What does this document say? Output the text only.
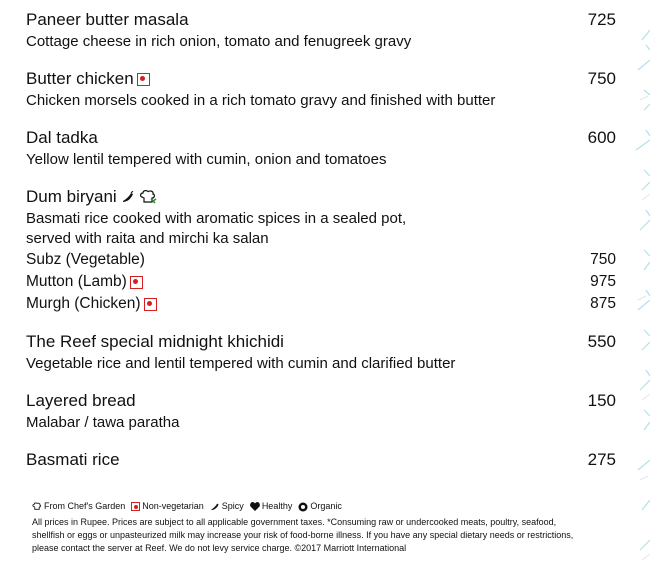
Paneer butter masala	725
Cottage cheese in rich onion, tomato and fenugreek gravy
Butter chicken	750
Chicken morsels cooked in a rich tomato gravy and finished with butter
Dal tadka	600
Yellow lentil tempered with cumin, onion and tomatoes
Dum biryani
Basmati rice cooked with aromatic spices in a sealed pot,
served with raita and mirchi ka salan
Subz (Vegetable)	750
Mutton (Lamb)	975
Murgh (Chicken)	875
The Reef special midnight khichidi	550
Vegetable rice and lentil tempered with cumin and clarified butter
Layered bread	150
Malabar / tawa paratha
Basmati rice	275
From Chef's Garden Non-vegetarian Spicy Healthy Organic
All prices in Rupee. Prices are subject to all applicable government taxes. *Consuming raw or undercooked meats, poultry, seafood,
shellfish or eggs or unpasteurized milk may increase your risk of food-borne illness. If you have any special dietary needs or restrictions,
please contact the server at Reef. We do not levy service charge. ©2017 Marriott International
